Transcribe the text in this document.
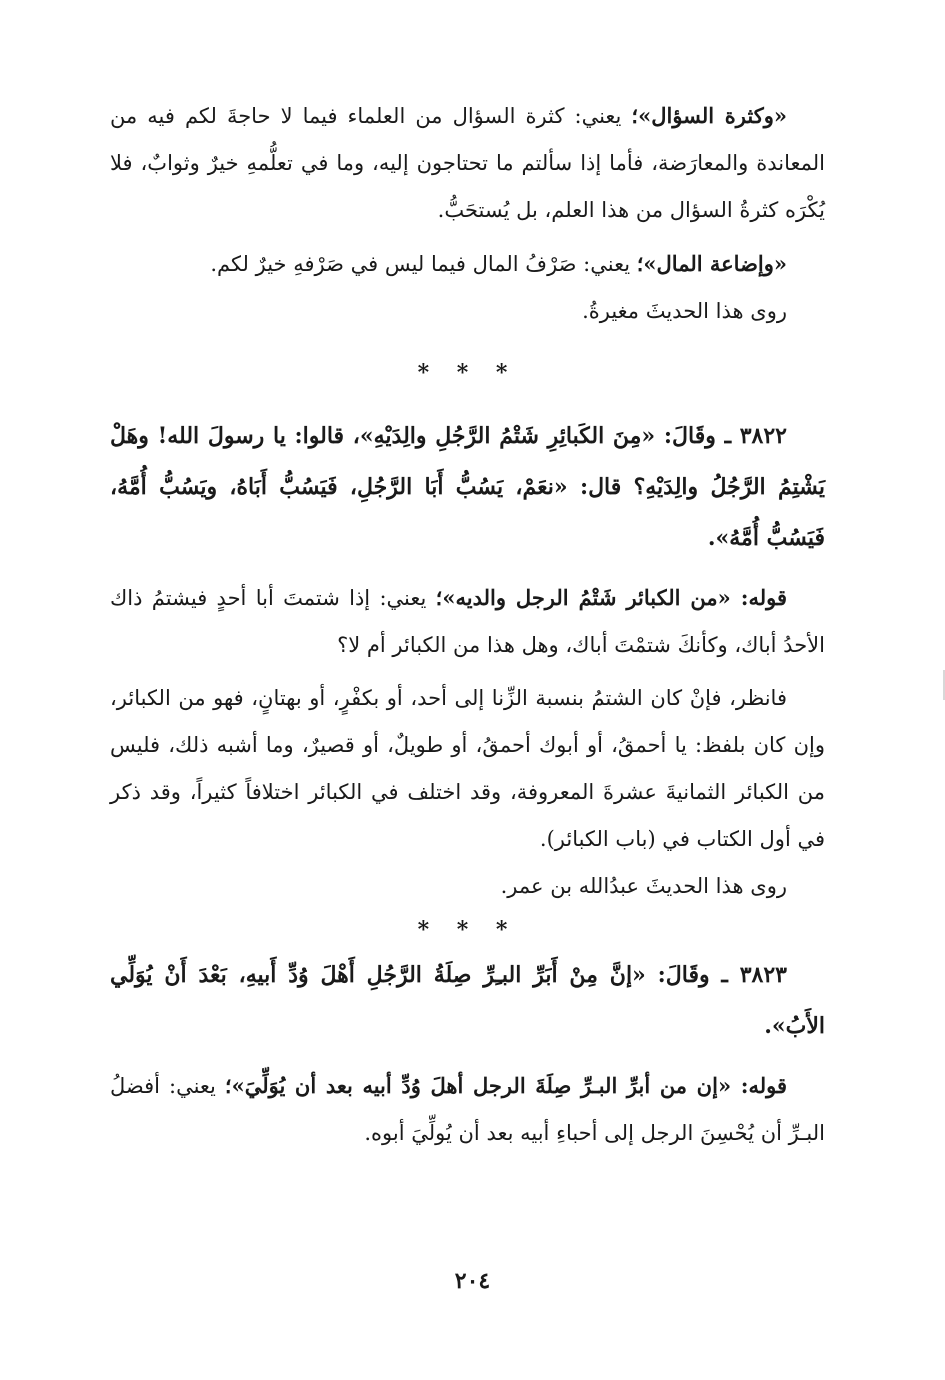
«وكثرة السؤال»؛ يعني: كثرة السؤال من العلماء فيما لا حاجةَ لكم فيه من المعاندة والمعارَضة، فأما إذا سألتم ما تحتاجون إليه، وما في تعلُّمهِ خيرٌ وثوابٌ، فلا يُكْرَه كثرةُ السؤال من هذا العلم، بل يُستحَبُّ.

«وإضاعة المال»؛ يعني: صَرْفُ المال فيما ليس في صَرْفهِ خيرٌ لكم.

روى هذا الحديثَ مغيرةُ.

* * *

٣٨٢٢ ـ وقَالَ: «مِنَ الكَبائِرِ شَتْمُ الرَّجُلِ والِدَيْهِ»، قالوا: يا رسولَ الله! وهَلْ يَشْتِمُ الرَّجُلُ والِدَيْهِ؟ قال: «نعَمْ، يَسُبُّ أَبَا الرَّجُلِ، فَيَسُبُّ أَبَاهُ، ويَسُبُّ أُمَّهُ، فَيَسُبُّ أُمَّهُ».

قوله: «من الكبائر شَتْمُ الرجل والديه»؛ يعني: إذا شتمتَ أبا أحدٍ فيشتمُ ذاك الأحدُ أباك، وكأنكَ شتمْتَ أباك، وهل هذا من الكبائر أم لا؟

فانظر، فإنْ كان الشتمُ بنسبة الزِّنا إلى أحد، أو بكفْرٍ، أو بهتانٍ، فهو من الكبائر، وإن كان بلفظ: يا أحمقُ، أو أبوك أحمقُ، أو طويلٌ، أو قصيرٌ، وما أشبه ذلك، فليس من الكبائر الثمانيةَ عشرةَ المعروفة، وقد اختلف في الكبائر اختلافاً كثيراً، وقد ذكر في أول الكتاب في (باب الكبائر).

روى هذا الحديثَ عبدُالله بن عمر.

* * *

٣٨٢٣ ـ وقَالَ: «إنَّ مِنْ أَبَرِّ البـِرِّ صِلَةُ الرَّجُلِ أَهْلَ وُدِّ أَبيهِ، بَعْدَ أَنْ يُوَلِّي الأَبُ».

قوله: «إن من أبرِّ البـرِّ صِلَةَ الرجل أهلَ وُدِّ أبيه بعد أن يُوَلِّيَ»؛ يعني: أفضلُ البـرِّ أن يُحْسِنَ الرجل إلى أحباءِ أبيه بعد أن يُولِّيَ أبوه.

٢٠٤
